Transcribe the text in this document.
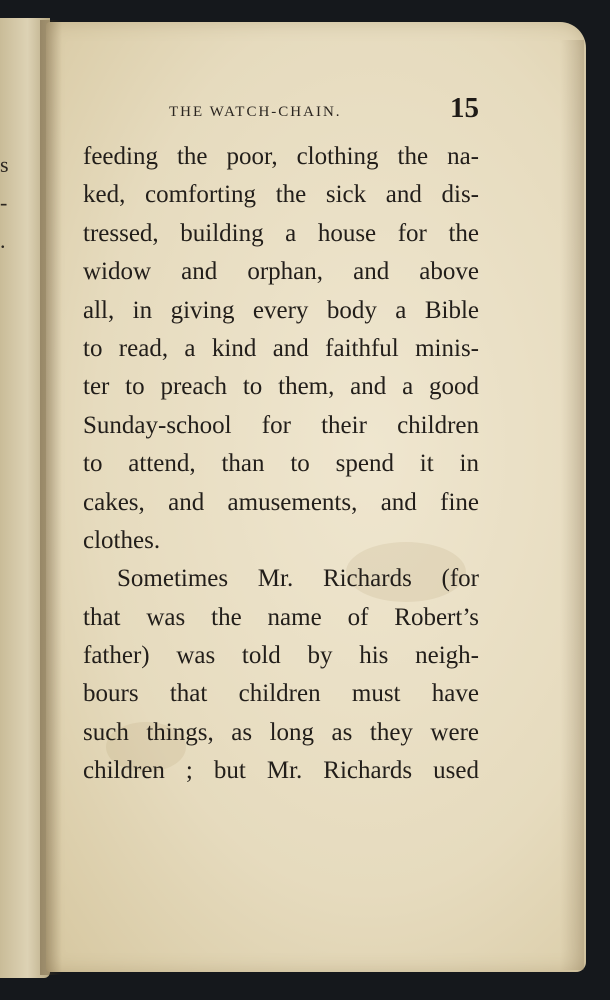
s
-
.
THE WATCH-CHAIN.	15
feeding the poor, clothing the na-
ked, comforting the sick and dis-
tressed, building a house for the
widow and orphan, and above
all, in giving every body a Bible
to read, a kind and faithful minis-
ter to preach to them, and a good
Sunday-school for their children
to attend, than to spend it in
cakes, and amusements, and fine
clothes.
Sometimes Mr. Richards (for
that was the name of Robert’s
father) was told by his neigh-
bours that children must have
such things, as long as they were
children ; but Mr. Richards used
